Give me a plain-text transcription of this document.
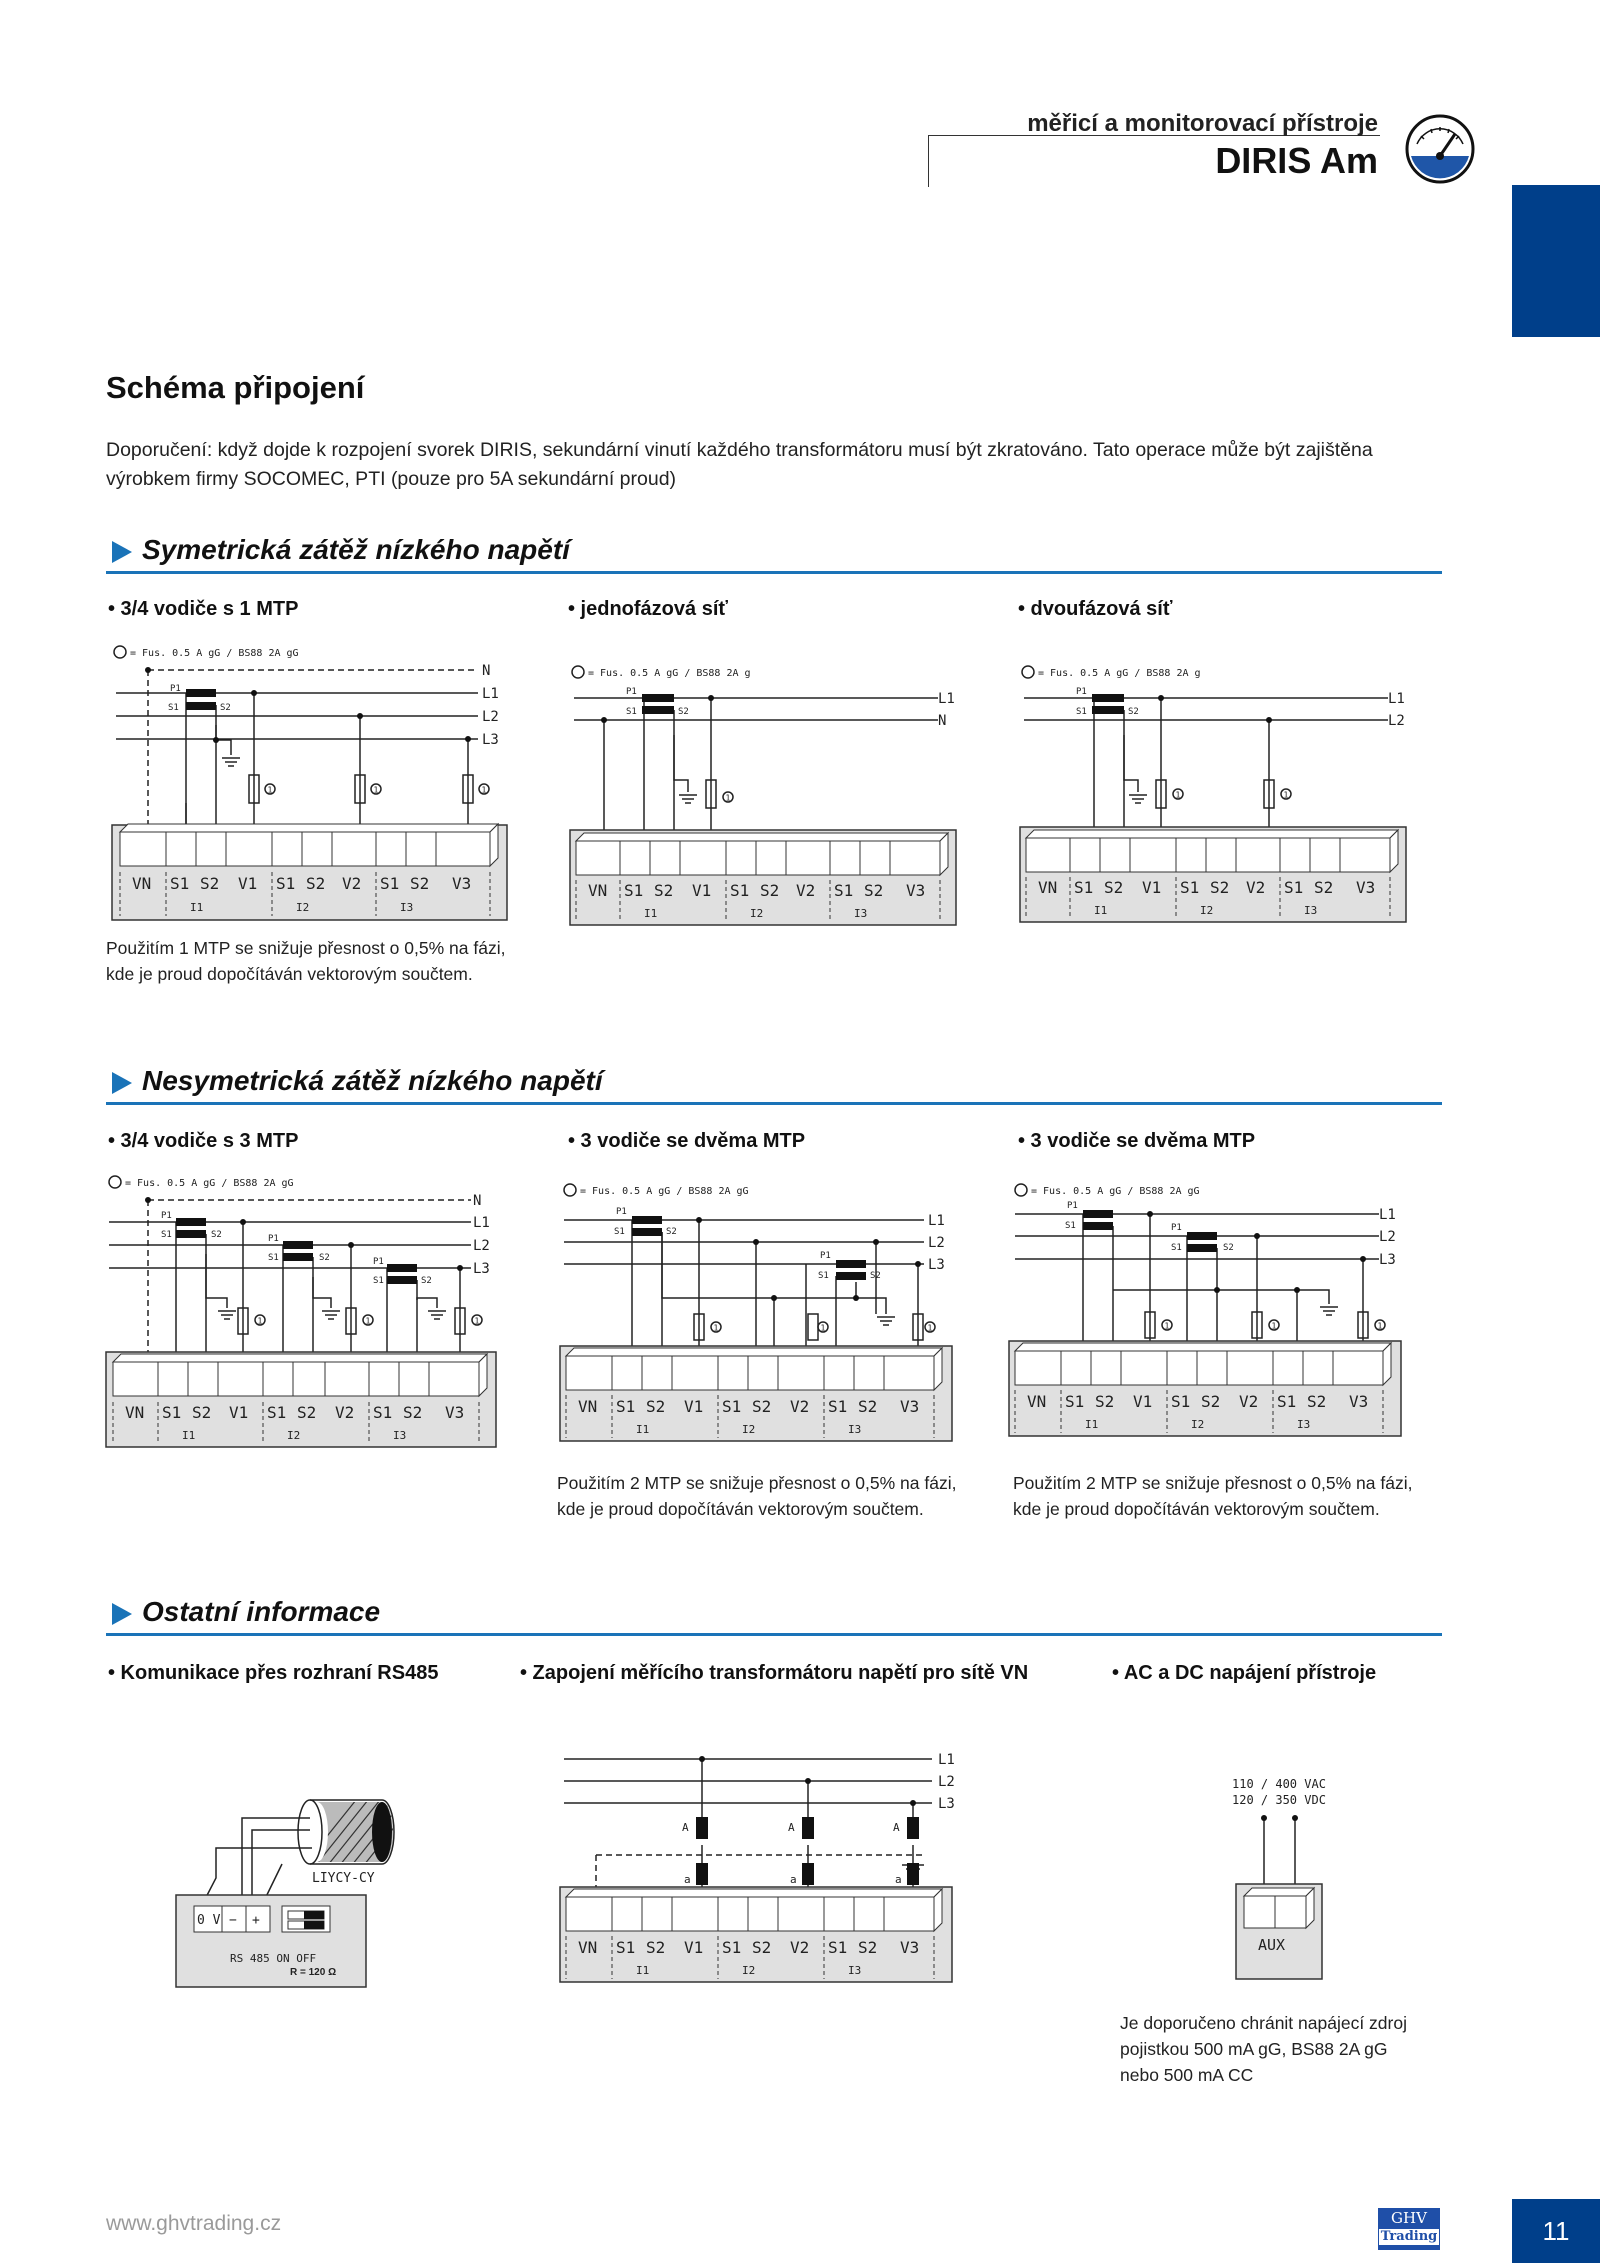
měřicí a monitorovací přístroje
DIRIS Am
Schéma připojení
Doporučení: když dojde k rozpojení svorek DIRIS, sekundární vinutí každého transformátoru musí být zkratováno. Tato operace může být zajištěna výrobkem firmy SOCOMEC, PTI (pouze pro 5A sekundární proud)
Symetrická zátěž nízkého napětí
• 3/4 vodiče s 1 MTP	• jednofázová síť	• dvoufázová síť
= Fus. 0.5 A gG / BS88 2A gG
N
L1
L2
L3
P1
S1	S2
VN S1 S2 V1 S1 S2 V2 S1 S2 V3
I1	I2	I3
1	1	1
Použitím 1 MTP se snižuje přesnost o 0,5% na fázi,
kde je proud dopočítáván vektorovým součtem.
= Fus. 0.5 A gG / BS88 2A g
L1
N
P1
S1	S2
VN S1 S2 V1 S1 S2 V2 S1 S2 V3
I1	I2	I3
1
= Fus. 0.5 A gG / BS88 2A g
L1
L2
P1
S1	S2
VN S1 S2 V1 S1 S2 V2 S1 S2 V3
I1	I2	I3
1	1
Nesymetrická zátěž nízkého napětí
• 3/4 vodiče s 3 MTP	• 3 vodiče se dvěma MTP	• 3 vodiče se dvěma MTP
= Fus. 0.5 A gG / BS88 2A gG
N
L1
L2
L3
P1
S1	S2	P1
S1	S2	P1
S1	S2
VN S1 S2 V1 S1 S2 V2 S1 S2 V3
I1	I2	I3
1	1	1
= Fus. 0.5 A gG / BS88 2A gG
L1
L2
L3
P1
S1	S2
P1
S1	S2
VN S1 S2 V1 S1 S2 V2 S1 S2 V3
I1	I2	I3
1	1	1
= Fus. 0.5 A gG / BS88 2A gG
L1
L2
L3
P1
S1	P1
S1	S2
VN S1 S2 V1 S1 S2 V2 S1 S2 V3
I1	I2	I3
1	1	1
Použitím 2 MTP se snižuje přesnost o 0,5% na fázi,
kde je proud dopočítáván vektorovým součtem.
Použitím 2 MTP se snižuje přesnost o 0,5% na fázi,
kde je proud dopočítáván vektorovým součtem.
Ostatní informace
• Komunikace přes rozhraní RS485	• Zapojení měřícího transformátoru napětí pro sítě VN	• AC a DC napájení přístroje
LIYCY-CY
0 V − +
RS 485 ON OFF
R = 120 Ω
L1
L2
L3
A	A	A
a	a	a
VN S1 S2 V1 S1 S2 V2 S1 S2 V3
I1	I2	I3
110 / 400 VAC
120 / 350 VDC
AUX
Je doporučeno chránit napájecí zdroj
pojistkou 500 mA gG, BS88 2A gG
nebo 500 mA CC
www.ghvtrading.cz	GHV
Trading	11
